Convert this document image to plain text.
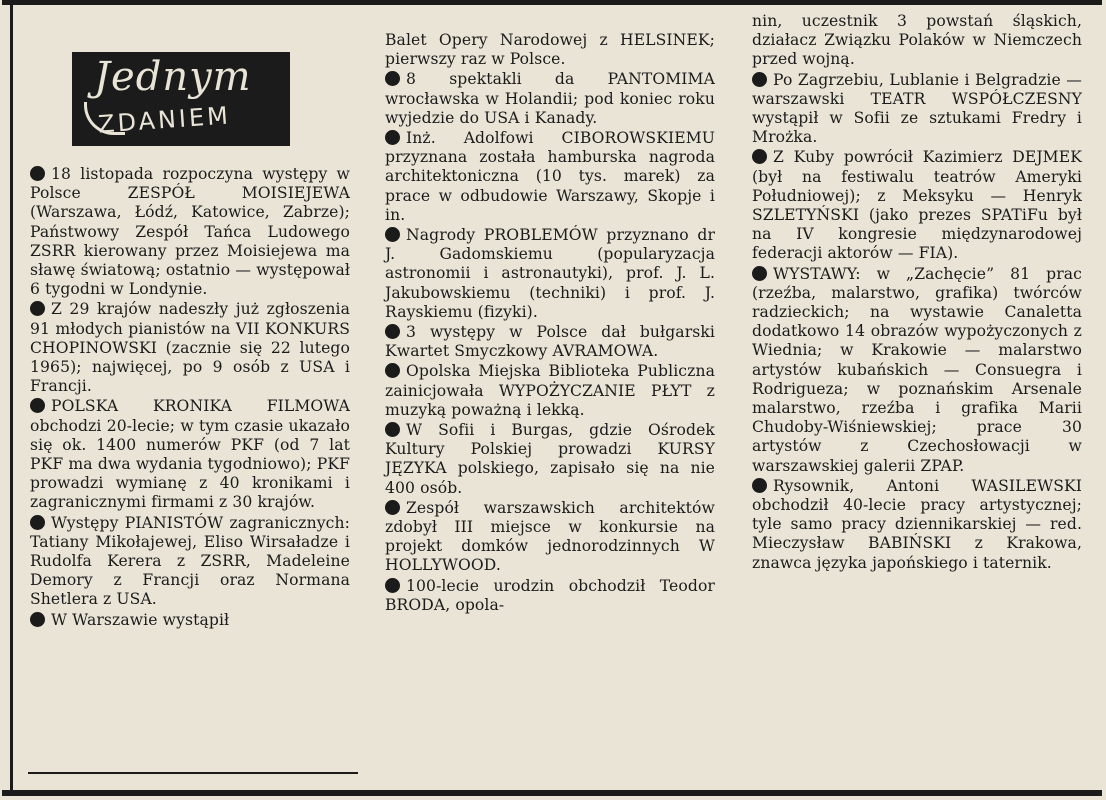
Jednym
ZDANIEM

18 listopada rozpoczyna występy w Polsce ZESPÓŁ MOISIEJEWA (Warszawa, Łódź, Katowice, Zabrze); Państwowy Zespół Tańca Ludowego ZSRR kierowany przez Moisiejewa ma sławę światową; ostatnio — występował 6 tygodni w Londynie.

Z 29 krajów nadeszły już zgłoszenia 91 młodych pianistów na VII KONKURS CHOPINOWSKI (zacznie się 22 lutego 1965); najwięcej, po 9 osób z USA i Francji.

POLSKA KRONIKA FILMOWA obchodzi 20-lecie; w tym czasie ukazało się ok. 1400 numerów PKF (od 7 lat PKF ma dwa wydania tygodniowo); PKF prowadzi wymianę z 40 kronikami i zagranicznymi firmami z 30 krajów.

Występy PIANISTÓW zagranicznych: Tatiany Mikołajewej, Eliso Wirsaładze i Rudolfa Kerera z ZSRR, Madeleine Demory z Francji oraz Normana Shetlera z USA.

W Warszawie wystąpił

Balet Opery Narodowej z HELSINEK; pierwszy raz w Polsce.

8 spektakli da PANTOMIMA wrocławska w Holandii; pod koniec roku wyjedzie do USA i Kanady.

Inż. Adolfowi CIBOROWSKIEMU przyznana została hamburska nagroda architektoniczna (10 tys. marek) za prace w odbudowie Warszawy, Skopje i in.

Nagrody PROBLEMÓW przyznano dr J. Gadomskiemu (popularyzacja astronomii i astronautyki), prof. J. L. Jakubowskiemu (techniki) i prof. J. Rayskiemu (fizyki).

3 występy w Polsce dał bułgarski Kwartet Smyczkowy AVRAMOWA.

Opolska Miejska Biblioteka Publiczna zainicjowała WYPOŻYCZANIE PŁYT z muzyką poważną i lekką.

W Sofii i Burgas, gdzie Ośrodek Kultury Polskiej prowadzi KURSY JĘZYKA polskiego, zapisało się na nie 400 osób.

Zespół warszawskich architektów zdobył III miejsce w konkursie na projekt domków jednorodzinnych W HOLLYWOOD.

100-lecie urodzin obchodził Teodor BRODA, opola-

nin, uczestnik 3 powstań śląskich, działacz Związku Polaków w Niemczech przed wojną.

Po Zagrzebiu, Lublanie i Belgradzie — warszawski TEATR WSPÓŁCZESNY wystąpił w Sofii ze sztukami Fredry i Mrożka.

Z Kuby powrócił Kazimierz DEJMEK (był na festiwalu teatrów Ameryki Południowej); z Meksyku — Henryk SZLETYŃSKI (jako prezes SPATiFu był na IV kongresie międzynarodowej federacji aktorów — FIA).

WYSTAWY: w „Zachęcie” 81 prac (rzeźba, malarstwo, grafika) twórców radzieckich; na wystawie Canaletta dodatkowo 14 obrazów wypożyczonych z Wiednia; w Krakowie — malarstwo artystów kubańskich — Consuegra i Rodrigueza; w poznańskim Arsenale malarstwo, rzeźba i grafika Marii Chudoby-Wiśniewskiej; prace 30 artystów z Czechosłowacji w warszawskiej galerii ZPAP.

Rysownik, Antoni WASILEWSKI obchodził 40-lecie pracy artystycznej; tyle samo pracy dziennikarskiej — red. Mieczysław BABIŃSKI z Krakowa, znawca języka japońskiego i taternik.
